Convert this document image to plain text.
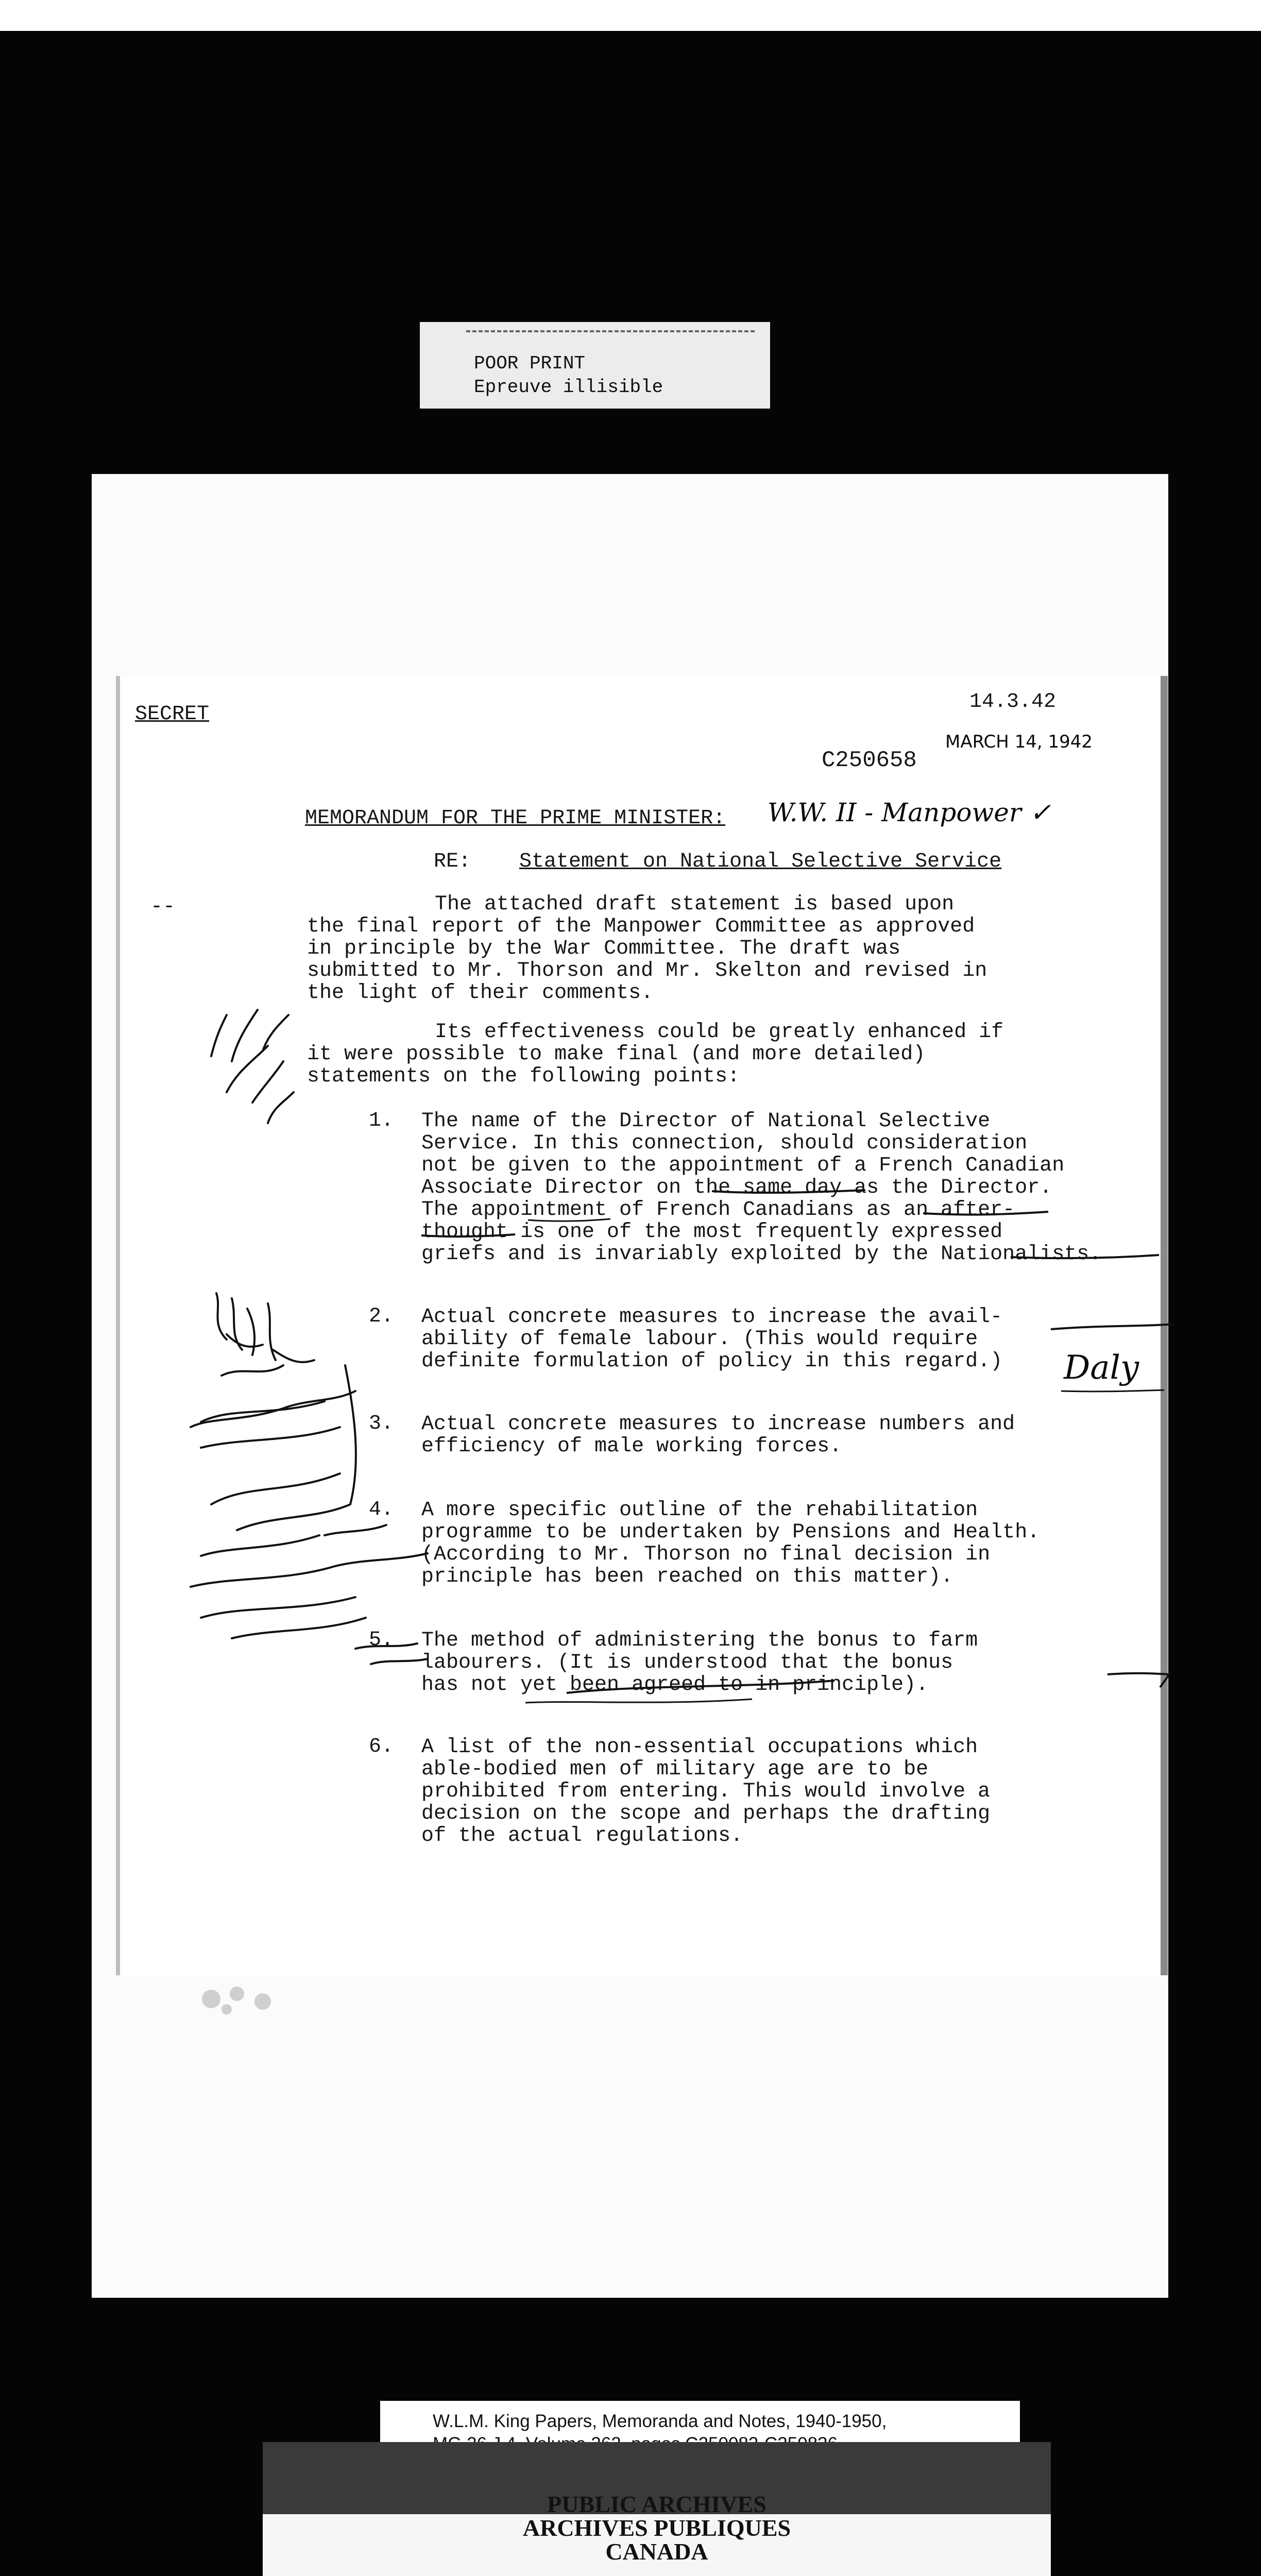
POOR PRINT
Epreuve illisible
SECRET
14.3.42
C250658
MARCH 14, 1942
MEMORANDUM FOR THE PRIME MINISTER: W.W. II - Manpower ✓
RE: Statement on National Selective Service
--	The attached draft statement is based upon
the final report of the Manpower Committee as approved
in principle by the War Committee. The draft was
submitted to Mr. Thorson and Mr. Skelton and revised in
the light of their comments.
Its effectiveness could be greatly enhanced if
it were possible to make final (and more detailed)
statements on the following points:
1. The name of the Director of National Selective
Service. In this connection, should consideration
not be given to the appointment of a French Canadian
Associate Director on the same day as the Director.
The appointment of French Canadians as an after-
thought is one of the most frequently expressed
griefs and is invariably exploited by the Nationalists.
2. Actual concrete measures to increase the avail-
ability of female labour. (This would require
definite formulation of policy in this regard.)
3. Actual concrete measures to increase numbers and
efficiency of male working forces.
4. A more specific outline of the rehabilitation
programme to be undertaken by Pensions and Health.
(According to Mr. Thorson no final decision in
principle has been reached on this matter).
5. The method of administering the bonus to farm
labourers. (It is understood that the bonus
has not yet been agreed to in principle).
6. A list of the non-essential occupations which
able-bodied men of military age are to be
prohibited from entering. This would involve a
decision on the scope and perhaps the drafting
of the actual regulations.
Daly
W.L.M. King Papers, Memoranda and Notes, 1940-1950,
PUBLIC ARCHIVES
ARCHIVES PUBLIQUES
CANADA
